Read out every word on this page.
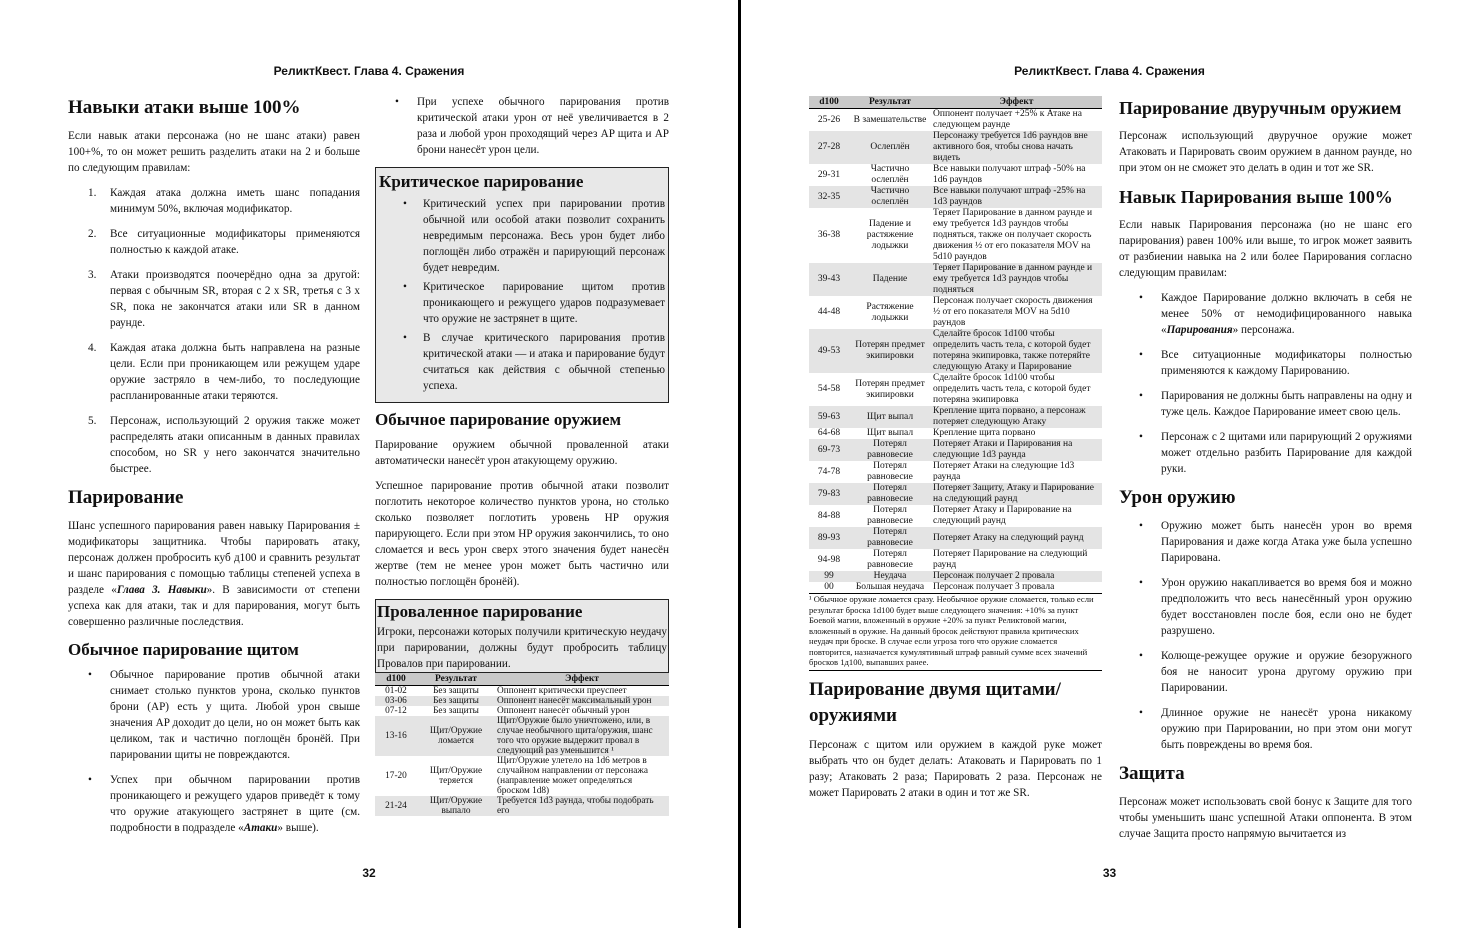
РеликтКвест. Глава 4. Сражения
Навыки атаки выше 100%

Если навык атаки персонажа (но не шанс атаки) равен 100+%, то он может решить разделить атаки на 2 и больше по следующим правилам:

1. Каждая атака должна иметь шанс попадания минимум 50%, включая модификатор.
2. Все ситуационные модификаторы применяются полностью к каждой атаке.
3. Атаки производятся поочерёдно одна за другой: первая с обычным SR, вторая с 2 x SR, третья с 3 x SR, пока не закончатся атаки или SR в данном раунде.
4. Каждая атака должна быть направлена на разные цели. Если при проникающем или режущем ударе оружие застряло в чем-либо, то последующие распланированные атаки теряются.
5. Персонаж, использующий 2 оружия также может распределять атаки описанным в данных правилах способом, но SR у него закончатся значительно быстрее.
Парирование

Шанс успешного парирования равен навыку Парирования ± модификаторы защитника. Чтобы парировать атаку, персонаж должен пробросить куб д100 и сравнить результат и шанс парирования с помощью таблицы степеней успеха в разделе «Глава 3. Навыки». В зависимости от степени успеха как для атаки, так и для парирования, могут быть совершенно различные последствия.

Обычное парирование щитом
• Обычное парирование против обычной атаки снимает столько пунктов урона, сколько пунктов брони (AP) есть у щита. Любой урон свыше значения AP доходит до цели, но он может быть как целиком, так и частично поглощён бронёй. При парировании щиты не повреждаются.
• Успех при обычном парировании против проникающего и режущего ударов приведёт к тому что оружие атакующего застрянет в щите (см. подробности в подразделе «Атаки» выше).
• При успехе обычного парирования против критической атаки урон от неё увеличивается в 2 раза и любой урон проходящий через AP щита и AP брони нанесёт урон цели.
Критическое парирование
• Критический успех при парировании против обычной или особой атаки позволит сохранить невредимым персонажа. Весь урон будет либо поглощён либо отражён и парирующий персонаж будет невредим.
• Критическое парирование щитом против проникающего и режущего ударов подразумевает что оружие не застрянет в щите.
• В случае критического парирования против критической атаки — и атака и парирование будут считаться как действия с обычной степенью успеха.
Обычное парирование оружием

Парирование оружием обычной проваленной атаки автоматически нанесёт урон атакующему оружию.

Успешное парирование против обычной атаки позволит поглотить некоторое количество пунктов урона, но столько сколько позволяет поглотить уровень HP оружия парирующего. Если при этом HP оружия закончились, то оно сломается и весь урон сверх этого значения будет нанесён жертве (тем не менее урон может быть частично или полностью поглощён бронёй).

Проваленное парирование

Игроки, персонажи которых получили критическую неудачу при парировании, должны будут пробросить таблицу Провалов при парировании.

d100	Результат	Эффект
01-02	Без защиты	Оппонент критически преуспеет
03-06	Без защиты	Оппонент нанесёт максимальный урон
07-12	Без защиты	Оппонент нанесёт обычный урон
13-16	Щит/Оружие ломается	Щит/Оружие было уничтожено, или, в случае необычного щита/оружия, шанс того что оружие выдержит провал в следующий раз уменьшится ¹
17-20	Щит/Оружие теряется	Щит/Оружие улетело на 1d6 метров в случайном направлении от персонажа (направление может определяться броском 1d8)
21-24	Щит/Оружие выпало	Требуется 1d3 раунда, чтобы подобрать его
32
РеликтКвест. Глава 4. Сражения
d100	Результат	Эффект
25-26	В замешательстве	Оппонент получает +25% к Атаке на следующем раунде
27-28	Ослеплён	Персонажу требуется 1d6 раундов вне активного боя, чтобы снова начать видеть
29-31	Частично ослеплён	Все навыки получают штраф -50% на 1d6 раундов
32-35	Частично ослеплён	Все навыки получают штраф -25% на 1d3 раундов
36-38	Падение и растяжение лодыжки	Теряет Парирование в данном раунде и ему требуется 1d3 раундов чтобы подняться, также он получает скорость движения ½ от его показателя MOV на 5d10 раундов
39-43	Падение	Теряет Парирование в данном раунде и ему требуется 1d3 раундов чтобы подняться
44-48	Растяжение лодыжки	Персонаж получает скорость движения ½ от его показателя MOV на 5d10 раундов
49-53	Потерян предмет экипировки	Сделайте бросок 1d100 чтобы определить часть тела, с которой будет потеряна экипировка, также потеряйте следующую Атаку и Парирование
54-58	Потерян предмет экипировки	Сделайте бросок 1d100 чтобы определить часть тела, с которой будет потеряна экипировка
59-63	Щит выпал	Крепление щита порвано, а персонаж потеряет следующую Атаку
64-68	Щит выпал	Крепление щита порвано
69-73	Потерял равновесие	Потеряет Атаки и Парирования на следующие 1d3 раунда
74-78	Потерял равновесие	Потеряет Атаки на следующие 1d3 раунда
79-83	Потерял равновесие	Потеряет Защиту, Атаку и Парирование на следующий раунд
84-88	Потерял равновесие	Потеряет Атаку и Парирование на следующий раунд
89-93	Потерял равновесие	Потеряет Атаку на следующий раунд
94-98	Потерял равновесие	Потеряет Парирование на следующий раунд
99	Неудача	Персонаж получает 2 провала
00	Большая неудача	Персонаж получает 3 провала
¹ Обычное оружие ломается сразу. Необычное оружие сломается, только если результат броска 1d100 будет выше следующего значения: +10% за пункт Боевой магии, вложенный в оружие +20% за пункт Реликтовой магии, вложенный в оружие. На данный бросок действуют правила критических неудач при броске. В случае если угроза того что оружие сломается повторится, назначается кумулятивный штраф равный сумме всех значений бросков 1д100, выпавших ранее.
Парирование двумя щитами/оружиями

Персонаж с щитом или оружием в каждой руке может выбрать что он будет делать: Атаковать и Парировать по 1 разу; Атаковать 2 раза; Парировать 2 раза. Персонаж не может Парировать 2 атаки в один и тот же SR.

Парирование двуручным оружием

Персонаж использующий двуручное оружие может Атаковать и Парировать своим оружием в данном раунде, но при этом он не сможет это делать в один и тот же SR.

Навык Парирования выше 100%

Если навык Парирования персонажа (но не шанс его парирования) равен 100% или выше, то игрок может заявить от разбиении навыка на 2 или более Парирования согласно следующим правилам:

• Каждое Парирование должно включать в себя не менее 50% от немодифицированного навыка «Парирования» персонажа.
• Все ситуационные модификаторы полностью применяются к каждому Парированию.
• Парирования не должны быть направлены на одну и туже цель. Каждое Парирование имеет свою цель.
• Персонаж с 2 щитами или парирующий 2 оружиями может отдельно разбить Парирование для каждой руки.
Урон оружию
• Оружию может быть нанесён урон во время Парирования и даже когда Атака уже была успешно Парирована.
• Урон оружию накапливается во время боя и можно предположить что весь нанесённый урон оружию будет восстановлен после боя, если оно не будет разрушено.
• Колюще-режущее оружие и оружие безоружного боя не наносит урона другому оружию при Парировании.
• Длинное оружие не нанесёт урона никакому оружию при Парировании, но при этом они могут быть повреждены во время боя.
Защита

Персонаж может использовать свой бонус к Защите для того чтобы уменьшить шанс успешной Атаки оппонента. В этом случае Защита просто напрямую вычитается из

33
